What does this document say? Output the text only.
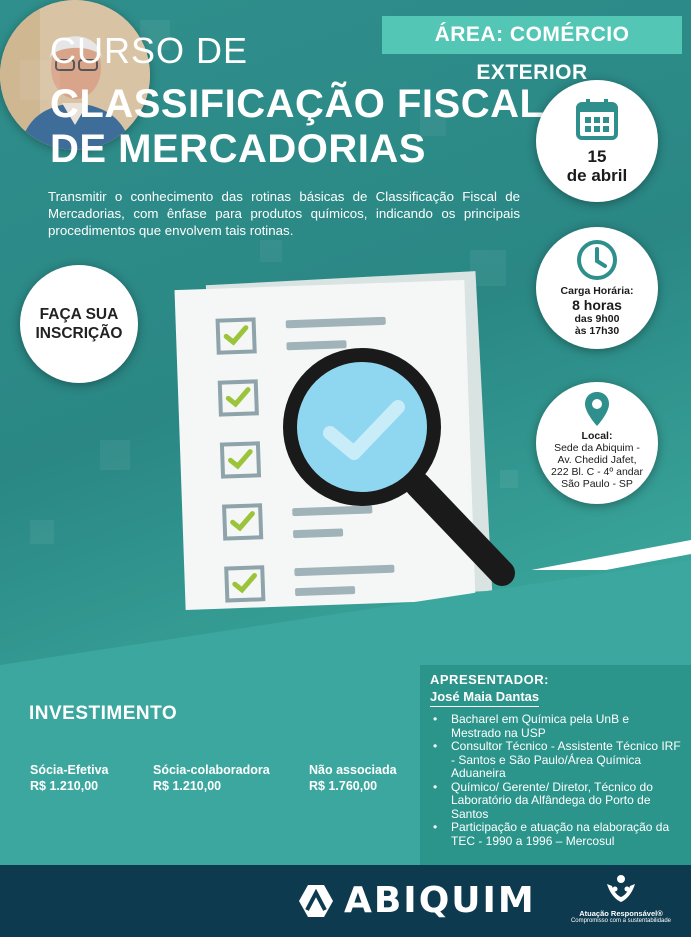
ÁREA: COMÉRCIO EXTERIOR
CURSO DE
CLASSIFICAÇÃO FISCAL
DE MERCADORIAS
Transmitir o conhecimento das rotinas básicas de Classificação Fiscal de Mercadorias, com ênfase para produtos químicos, indicando os principais procedimentos que envolvem tais rotinas.
15
de abril
Carga Horária:
8 horas
das 9h00
às 17h30
Local:
Sede da Abiquim -
Av. Chedid Jafet,
222 Bl. C - 4º andar
São Paulo - SP
FAÇA SUA
INSCRIÇÃO
INVESTIMENTO
Sócia-Efetiva
R$ 1.210,00
Sócia-colaboradora
R$ 1.210,00
Não associada
R$ 1.760,00
APRESENTADOR:
José Maia Dantas
• Bacharel em Química pela UnB e Mestrado na USP
• Consultor Técnico - Assistente Técnico IRF - Santos e São Paulo/Área Química Aduaneira
• Químico/ Gerente/ Diretor, Técnico do Laboratório da Alfândega do Porto de Santos
• Participação e atuação na elaboração da TEC - 1990 a 1996 – Mercosul
ABIQUIM	Atuação Responsável®
Compromisso com a sustentabilidade
